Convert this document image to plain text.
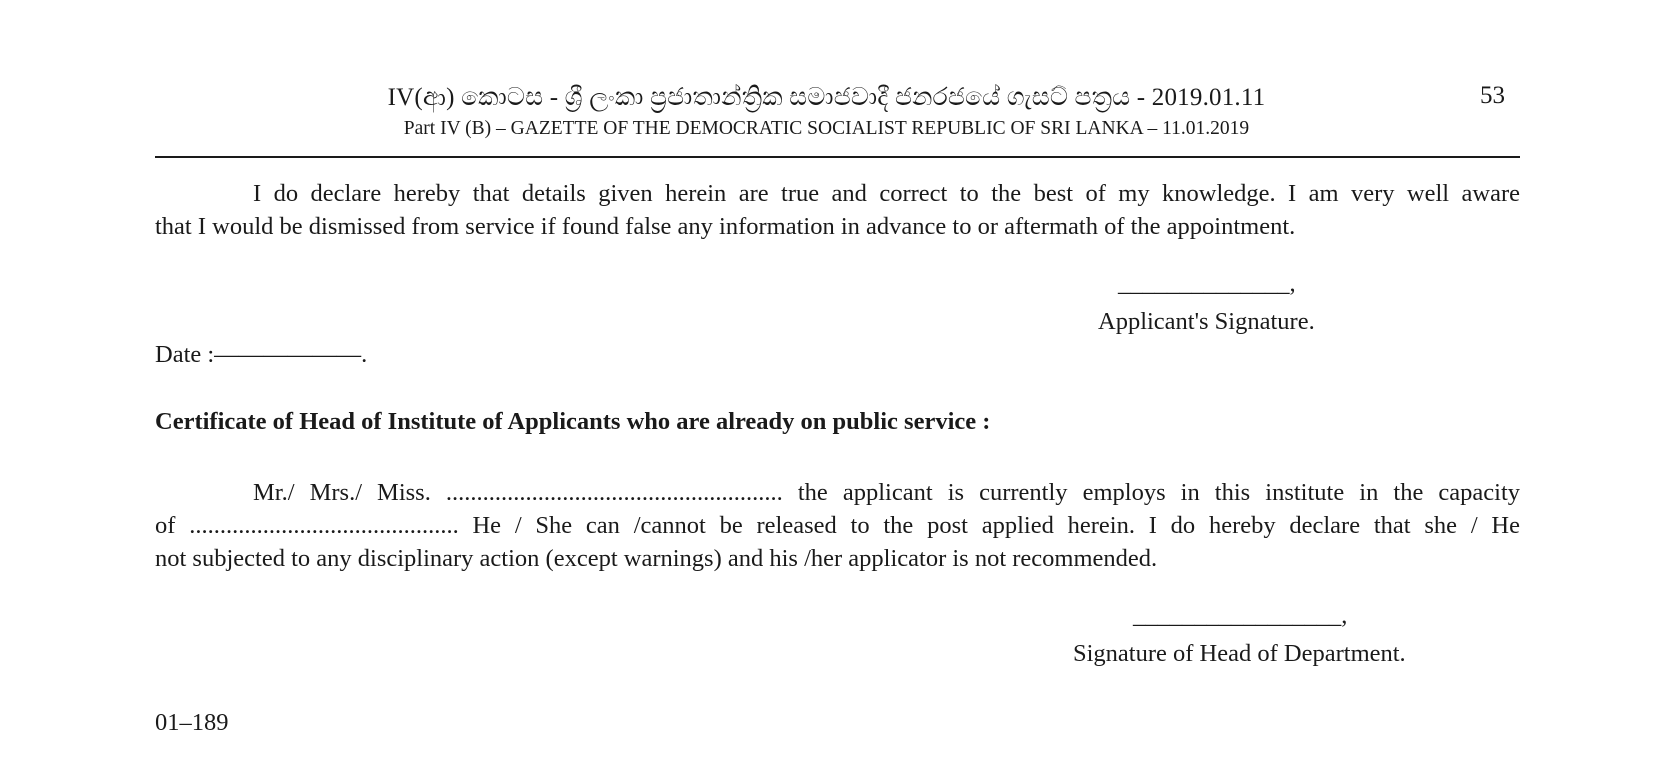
IV(ආ) කොටස - ශ්‍රී ලංකා ප්‍රජාතාන්ත්‍රික සමාජවාදී ජනරජයේ ගැසට් පත්‍රය - 2019.01.11
Part IV (B) – GAZETTE OF THE DEMOCRATIC SOCIALIST REPUBLIC OF SRI LANKA – 11.01.2019
53
I do declare hereby that details given herein are true and correct to the best of my knowledge. I am very well aware
that I would be dismissed from service if found false any information in advance to or aftermath of the appointment.
______________,
Applicant's Signature.
Date :——————.
Certificate of Head of Institute of Applicants who are already on public service :
Mr./ Mrs./ Miss. ....................................................... the applicant is currently employs in this institute in the capacity
of ............................................ He / She can /cannot be released to the post applied herein. I do hereby declare that she / He
not subjected to any disciplinary action (except warnings) and his /her applicator is not recommended.
_________________,
Signature of Head of Department.
01–189
